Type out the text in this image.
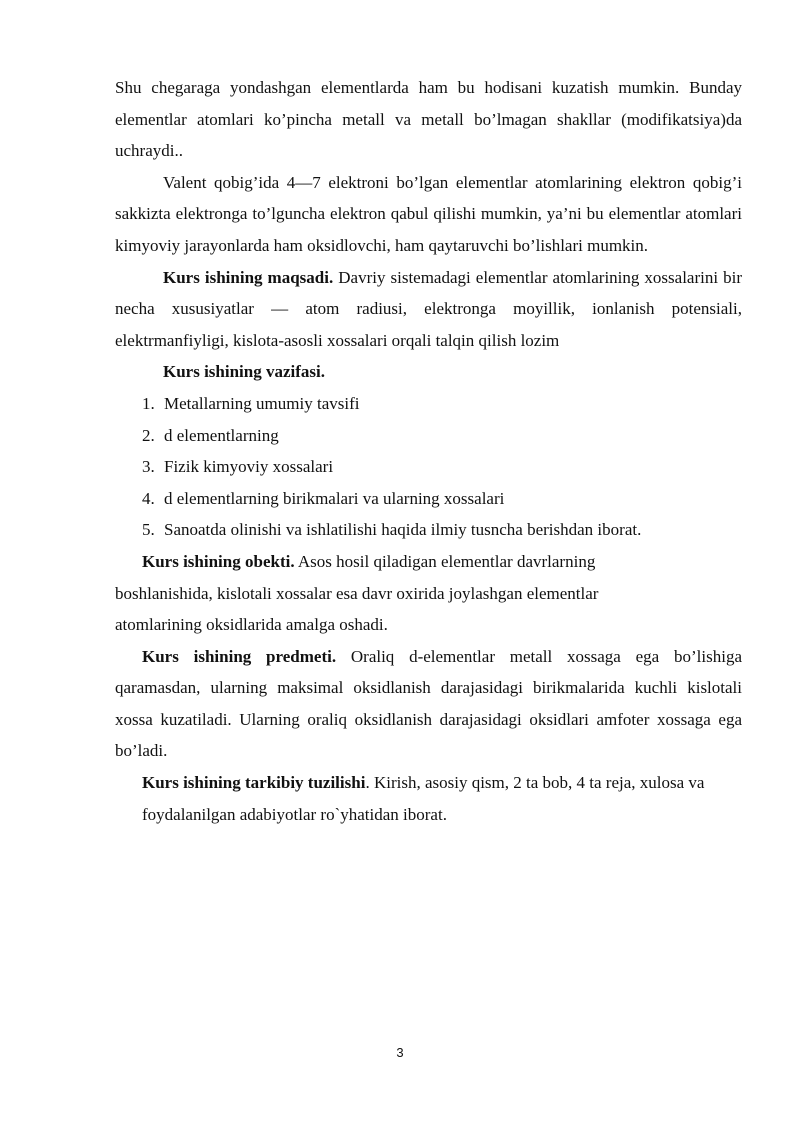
Shu chegaraga yondashgan elementlarda ham bu hodisani kuzatish mumkin. Bunday elementlar atomlari ko’pincha metall va metall bo’lmagan shakllar (modifikatsiya)da uchraydi..

Valent qobig’ida 4—7 elektroni bo’lgan elementlar atomlarining elektron qobig’i sakkizta elektronga to’lguncha elektron qabul qilishi mumkin, ya’ni bu elementlar atomlari kimyoviy jarayonlarda ham oksidlovchi, ham qaytaruvchi bo’lishlari mumkin.

Kurs ishining maqsadi. Davriy sistemadagi elementlar atomlarining xossalarini bir necha xususiyatlar — atom radiusi, elektronga moyillik, ionlanish potensiali, elektrmanfiyligi, kislota-asosli xossalari orqali talqin qilish lozim

Kurs ishining vazifasi.

1. Metallarning umumiy tavsifi
2. d elementlarning
3. Fizik kimyoviy xossalari
4. d elementlarning birikmalari va ularning xossalari
5. Sanoatda olinishi va ishlatilishi haqida ilmiy tusncha berishdan iborat.

Kurs ishining obekti. Asos hosil qiladigan elementlar davrlarning

boshlanishida, kislotali xossalar esa davr oxirida joylashgan elementlar

atomlarining oksidlarida amalga oshadi.

Kurs ishining predmeti. Oraliq d-elementlar metall xossaga ega bo’lishiga qaramasdan, ularning maksimal oksidlanish darajasidagi birikmalarida kuchli kislotali xossa kuzatiladi. Ularning oraliq oksidlanish darajasidagi oksidlari amfoter xossaga ega bo’ladi.

Kurs ishining tarkibiy tuzilishi. Kirish, asosiy qism, 2 ta bob, 4 ta reja, xulosa va foydalanilgan adabiyotlar ro`yhatidan iborat.

3
